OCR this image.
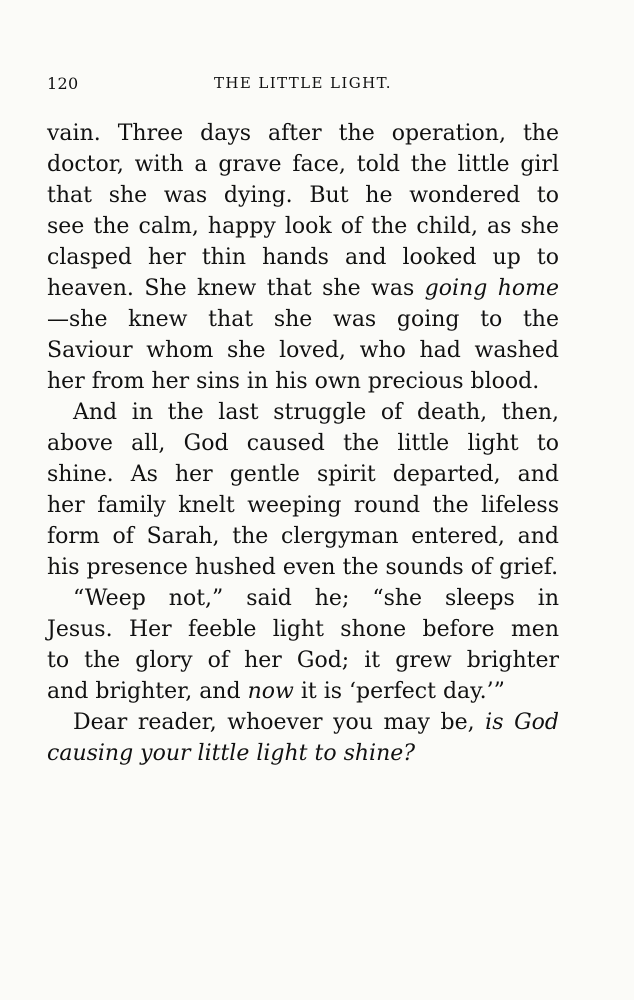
120	THE LITTLE LIGHT.
vain. Three days after the operation, the
doctor, with a grave face, told the little girl
that she was dying. But he wondered to
see the calm, happy look of the child, as she
clasped her thin hands and looked up to
heaven. She knew that she was going home
—she knew that she was going to the
Saviour whom she loved, who had washed
her from her sins in his own precious blood.
And in the last struggle of death, then,
above all, God caused the little light to
shine. As her gentle spirit departed, and
her family knelt weeping round the lifeless
form of Sarah, the clergyman entered, and
his presence hushed even the sounds of grief.
“Weep not,” said he; “she sleeps in
Jesus. Her feeble light shone before men
to the glory of her God; it grew brighter
and brighter, and now it is ‘perfect day.’”
Dear reader, whoever you may be, is God
causing your little light to shine?
